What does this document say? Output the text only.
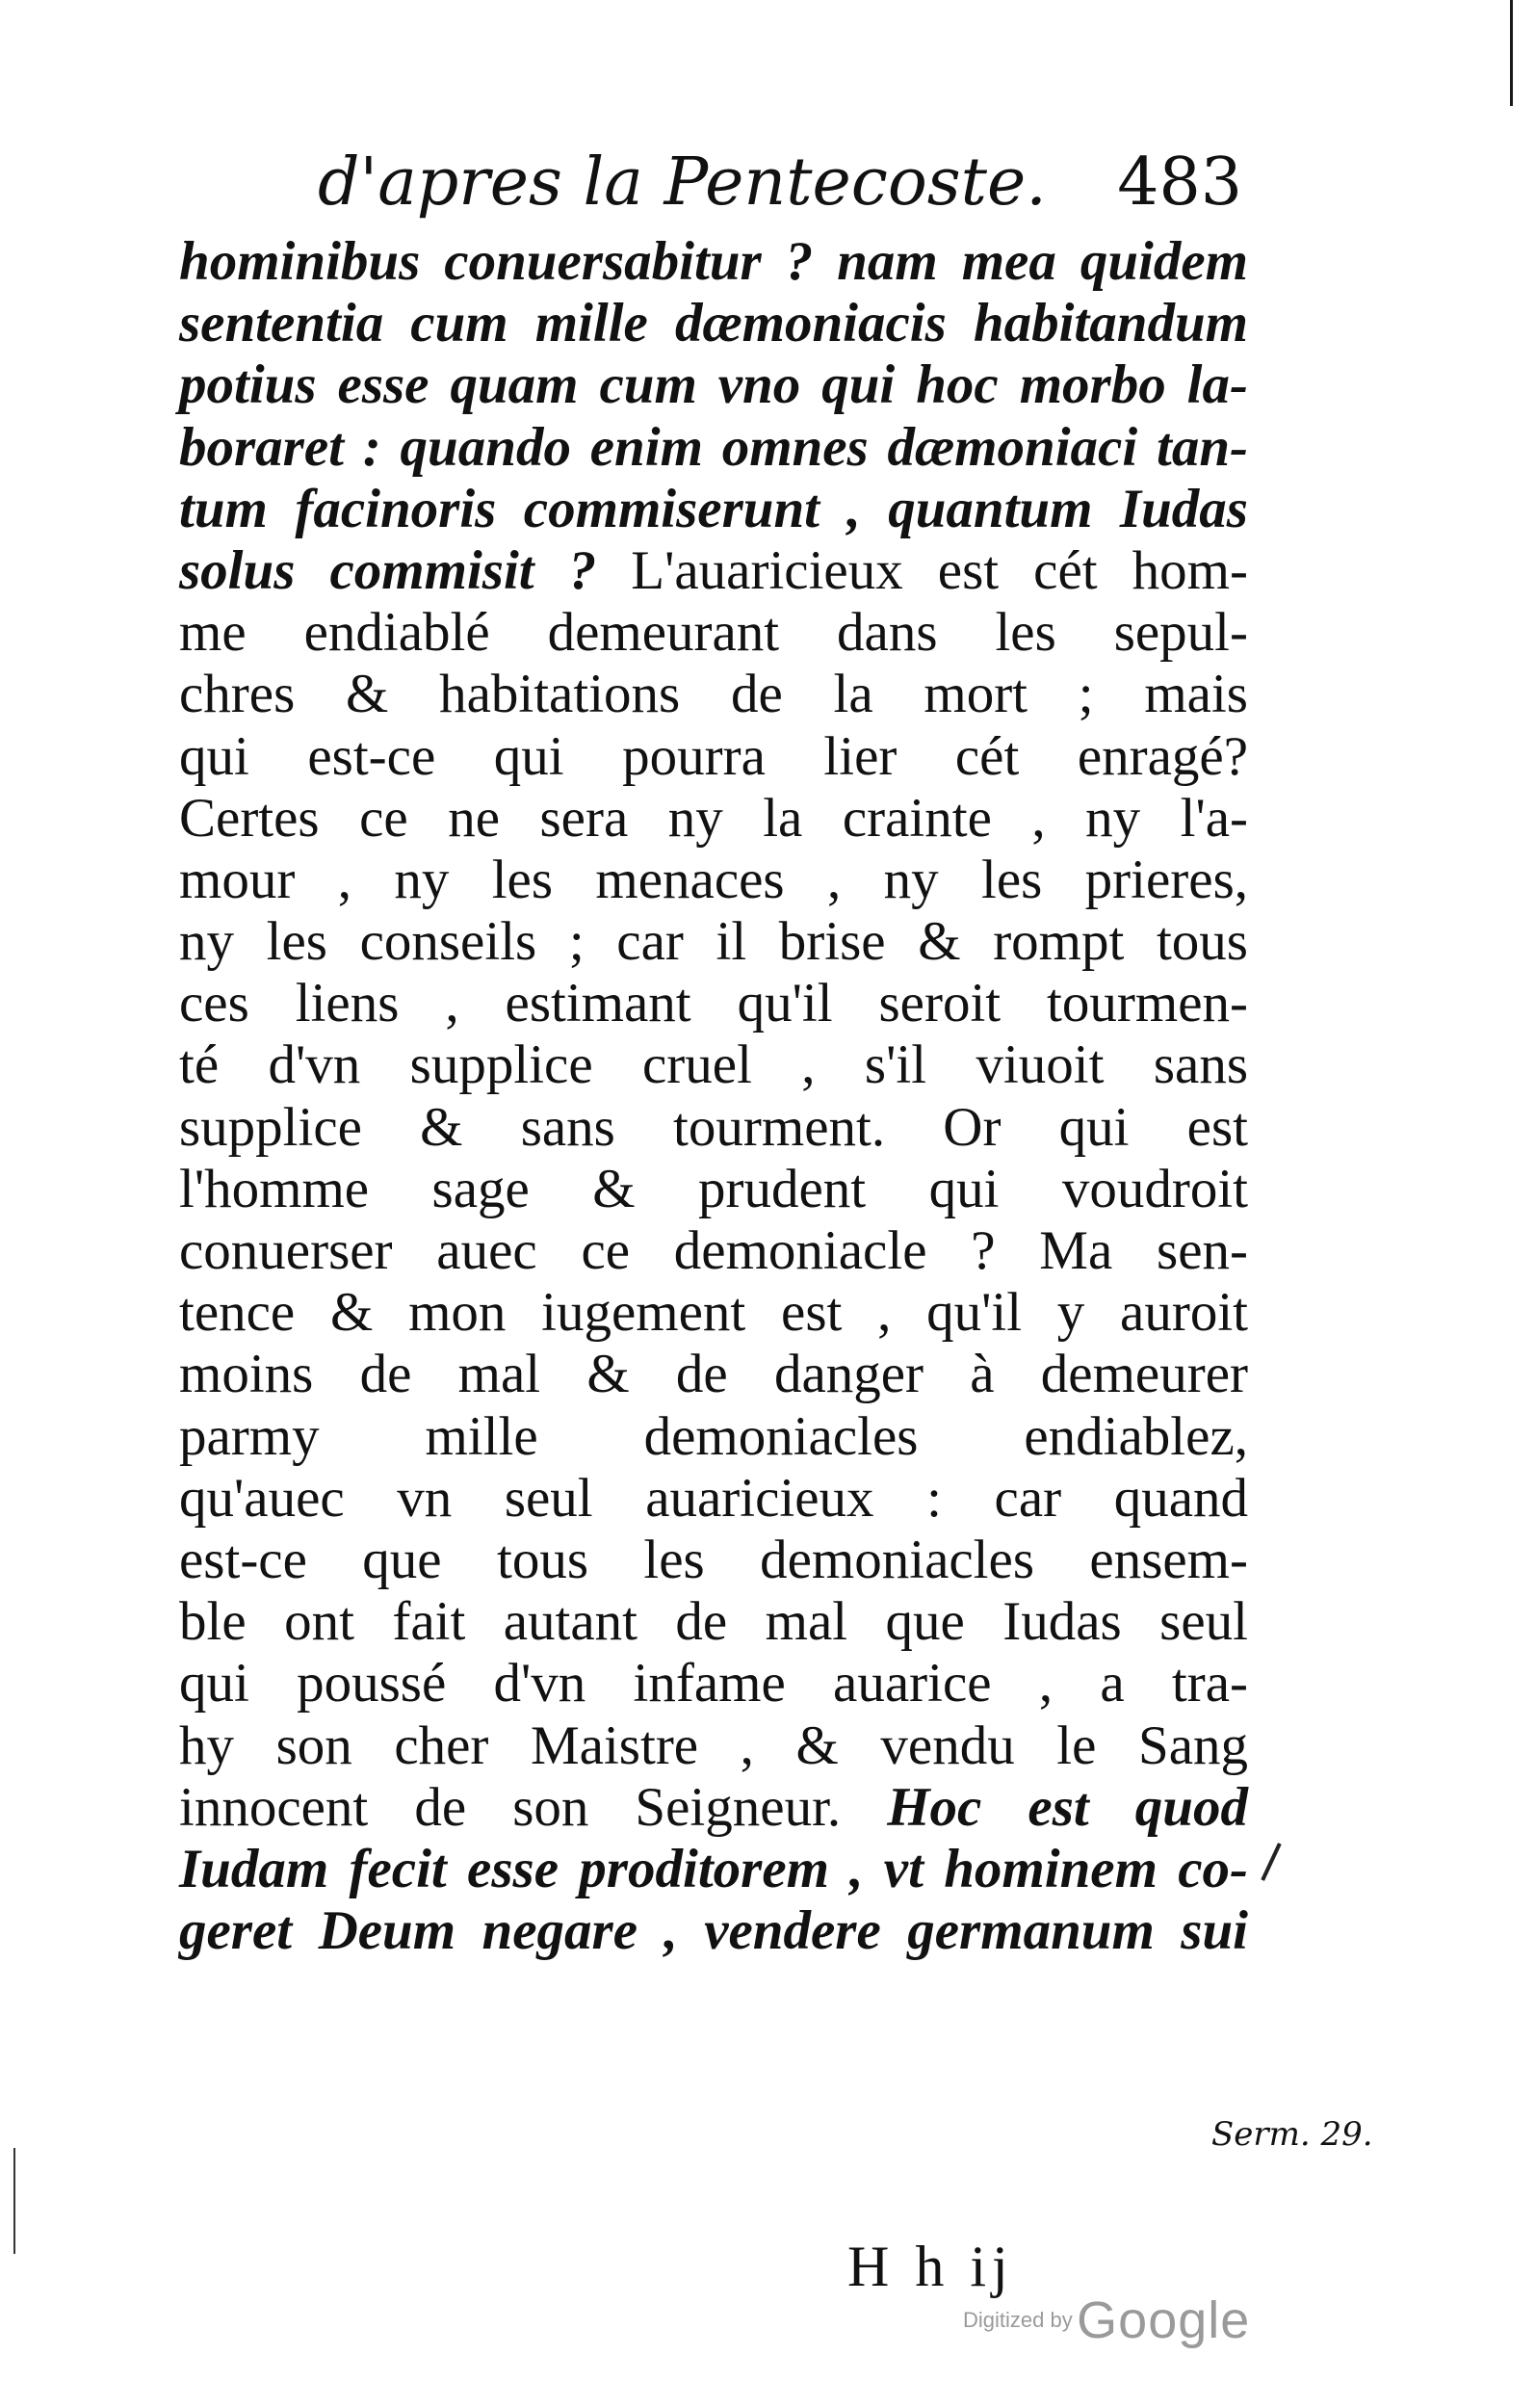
d'apres la Pentecoste. 483
hominibus conuersabitur ? nam mea quidem
sententia cum mille dæmoniacis habitandum
potius esse quam cum vno qui hoc morbo la-
boraret : quando enim omnes dæmoniaci tan-
tum facinoris commiserunt , quantum Iudas
solus commisit ? L'auaricieux est cét hom-
me endiablé demeurant dans les sepul-
chres & habitations de la mort ; mais
qui est-ce qui pourra lier cét enragé?
Certes ce ne sera ny la crainte , ny l'a-
mour , ny les menaces , ny les prieres,
ny les conseils ; car il brise & rompt tous
ces liens , estimant qu'il seroit tourmen-
té d'vn supplice cruel , s'il viuoit sans
supplice & sans tourment. Or qui est
l'homme sage & prudent qui voudroit
conuerser auec ce demoniacle ? Ma sen-
tence & mon iugement est , qu'il y auroit
moins de mal & de danger à demeurer
parmy mille demoniacles endiablez,
qu'auec vn seul auaricieux : car quand
est-ce que tous les demoniacles ensem-
ble ont fait autant de mal que Iudas seul
qui poussé d'vn infame auarice , a tra-
hy son cher Maistre , & vendu le Sang
innocent de son Seigneur. Hoc est quod
Iudam fecit esse proditorem , vt hominem co-
geret Deum negare , vendere germanum sui
Serm. 29.
H h ij
Digitized by Google
